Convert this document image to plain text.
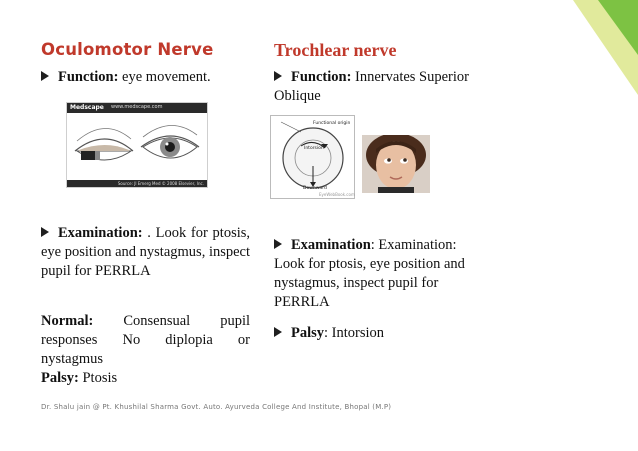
Oculomotor Nerve
Function: eye movement.
Medscape www.medscape.com
Source: Jl Emerg Med © 2008 Elsevier, Inc.
Examination: . Look for ptosis, eye position and nystagmus, inspect pupil for PERRLA
Normal: Consensual pupil responses No diplopia or nystagmus
Palsy: Ptosis
Trochlear nerve
Function: Innervates Superior Oblique
Functional origin
Intorsion
Downward
EyeWebBook.com
Examination: Examination: Look for ptosis, eye position and nystagmus, inspect pupil for PERRLA
Palsy: Intorsion
Dr. Shalu jain @ Pt. Khushilal Sharma Govt. Auto. Ayurveda College And Institute, Bhopal (M.P)
